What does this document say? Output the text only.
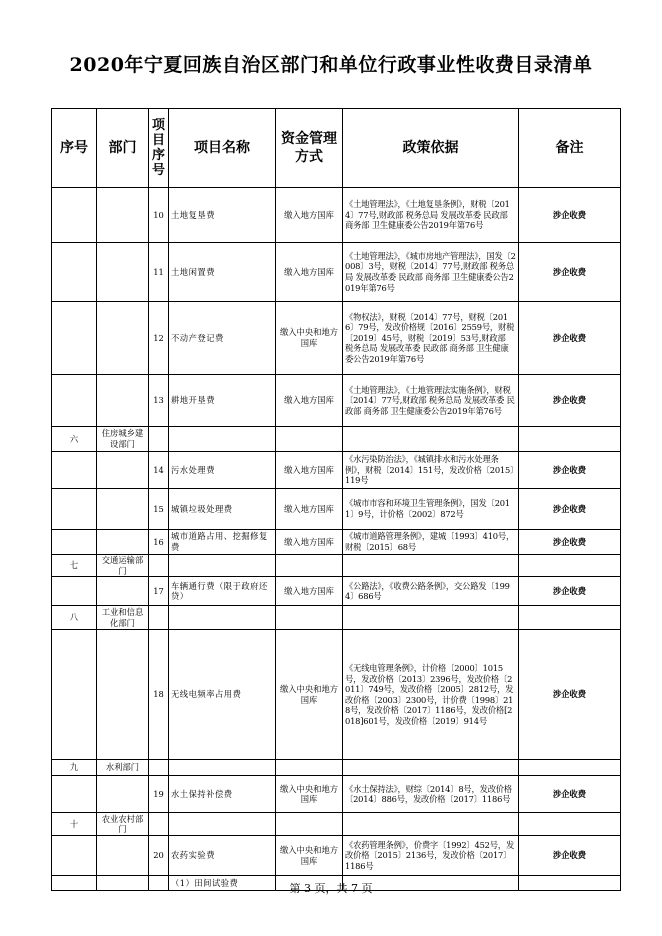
2020年宁夏回族自治区部门和单位行政事业性收费目录清单
序号	部门	项目序号	项目名称	资金管理方式	政策依据	备注
		10	土地复垦费	缴入地方国库	《土地管理法》，《土地复垦条例》，财税〔2014〕77号,财政部 税务总局 发展改革委 民政部 商务部 卫生健康委公告2019年第76号	涉企收费
		11	土地闲置费	缴入地方国库	《土地管理法》，《城市房地产管理法》，国发〔2008〕3号，财税〔2014〕77号,财政部 税务总局 发展改革委 民政部 商务部 卫生健康委公告2019年第76号	涉企收费
		12	不动产登记费	缴入中央和地方国库	《物权法》，财税〔2014〕77号，财税〔2016〕79号，发改价格规〔2016〕2559号，财税〔2019〕45号，财税〔2019〕53号,财政部 税务总局 发展改革委 民政部 商务部 卫生健康委公告2019年第76号	涉企收费
		13	耕地开垦费	缴入地方国库	《土地管理法》，《土地管理法实施条例》，财税〔2014〕77号,财政部 税务总局 发展改革委 民政部 商务部 卫生健康委公告2019年第76号	涉企收费
六	住房城乡建设部门					
		14	污水处理费	缴入地方国库	《水污染防治法》，《城镇排水和污水处理条例》，财税〔2014〕151号，发改价格〔2015〕119号	涉企收费
		15	城镇垃圾处理费	缴入地方国库	《城市市容和环境卫生管理条例》，国发〔2011〕9号，计价格〔2002〕872号	涉企收费
		16	城市道路占用、挖掘修复费	缴入地方国库	《城市道路管理条例》，建城〔1993〕410号，财税〔2015〕68号	涉企收费
七	交通运输部门					
		17	车辆通行费（限于政府还贷）	缴入地方国库	《公路法》，《收费公路条例》，交公路发〔1994〕686号	涉企收费
八	工业和信息化部门					
		18	无线电频率占用费	缴入中央和地方国库	《无线电管理条例》，计价格〔2000〕1015号，发改价格〔2013〕2396号，发改价格〔2011〕749号，发改价格〔2005〕2812号，发改价格〔2003〕2300号，计价费〔1998〕218号，发改价格〔2017〕1186号，发改价格[2018]601号，发改价格〔2019〕914号	涉企收费
九	水利部门					
		19	水土保持补偿费	缴入中央和地方国库	《水土保持法》，财综〔2014〕8号，发改价格〔2014〕886号，发改价格〔2017〕1186号	涉企收费
十	农业农村部门					
		20	农药实验费	缴入中央和地方国库	《农药管理条例》，价费字〔1992〕452号，发改价格〔2015〕2136号，发改价格〔2017〕1186号	涉企收费
			（1）田间试验费				第 3 页，共 7 页
